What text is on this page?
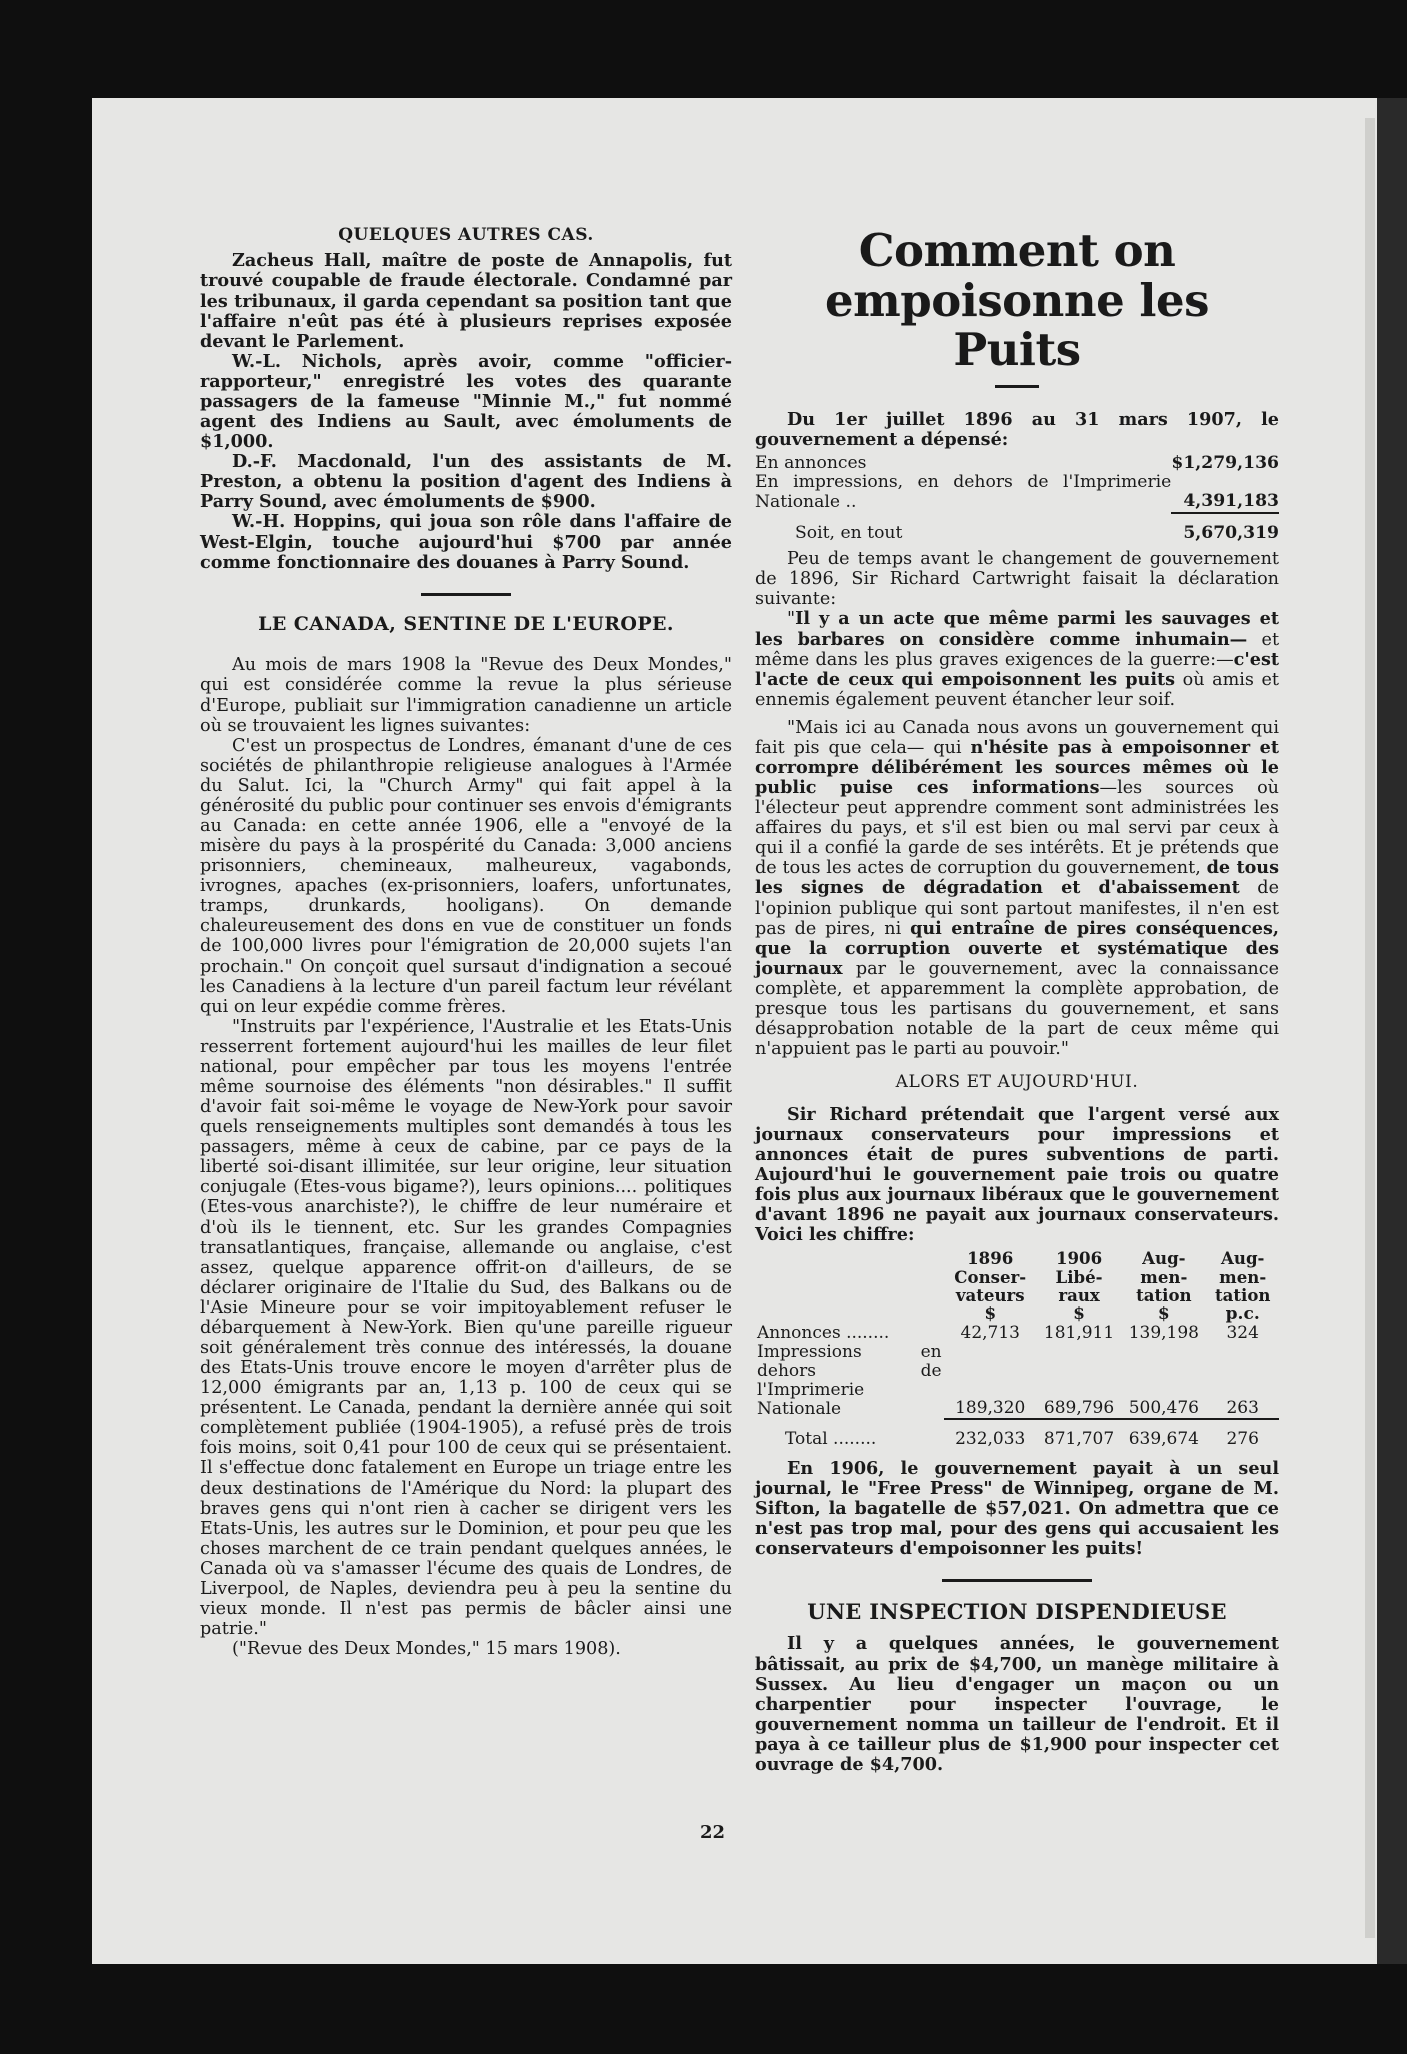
QUELQUES AUTRES CAS.

Zacheus Hall, maître de poste de Annapolis, fut trouvé coupable de fraude électorale. Condamné par les tribunaux, il garda cependant sa position tant que l'affaire n'eût pas été à plusieurs reprises exposée devant le Parlement.

W.-L. Nichols, après avoir, comme "officier-rapporteur," enregistré les votes des quarante passagers de la fameuse "Minnie M.," fut nommé agent des Indiens au Sault, avec émoluments de $1,000.

D.-F. Macdonald, l'un des assistants de M. Preston, a obtenu la position d'agent des Indiens à Parry Sound, avec émoluments de $900.

W.-H. Hoppins, qui joua son rôle dans l'affaire de West-Elgin, touche aujourd'hui $700 par année comme fonctionnaire des douanes à Parry Sound.

LE CANADA, SENTINE DE L'EUROPE.

Au mois de mars 1908 la "Revue des Deux Mondes," qui est considérée comme la revue la plus sérieuse d'Europe, publiait sur l'immigration canadienne un article où se trouvaient les lignes suivantes:

C'est un prospectus de Londres, émanant d'une de ces sociétés de philanthropie religieuse analogues à l'Armée du Salut. Ici, la "Church Army" qui fait appel à la générosité du public pour continuer ses envois d'émigrants au Canada: en cette année 1906, elle a "envoyé de la misère du pays à la prospérité du Canada: 3,000 anciens prisonniers, chemineaux, malheureux, vagabonds, ivrognes, apaches (ex-prisonniers, loafers, unfortunates, tramps, drunkards, hooligans). On demande chaleureusement des dons en vue de constituer un fonds de 100,000 livres pour l'émigration de 20,000 sujets l'an prochain." On conçoit quel sursaut d'indignation a secoué les Canadiens à la lecture d'un pareil factum leur révélant qui on leur expédie comme frères.

"Instruits par l'expérience, l'Australie et les Etats-Unis resserrent fortement aujourd'hui les mailles de leur filet national, pour empêcher par tous les moyens l'entrée même sournoise des éléments "non désirables." Il suffit d'avoir fait soi-même le voyage de New-York pour savoir quels renseignements multiples sont demandés à tous les passagers, même à ceux de cabine, par ce pays de la liberté soi-disant illimitée, sur leur origine, leur situation conjugale (Etes-vous bigame?), leurs opinions.... politiques (Etes-vous anarchiste?), le chiffre de leur numéraire et d'où ils le tiennent, etc. Sur les grandes Compagnies transatlantiques, française, allemande ou anglaise, c'est assez, quelque apparence offrit-on d'ailleurs, de se déclarer originaire de l'Italie du Sud, des Balkans ou de l'Asie Mineure pour se voir impitoyablement refuser le débarquement à New-York. Bien qu'une pareille rigueur soit généralement très connue des intéressés, la douane des Etats-Unis trouve encore le moyen d'arrêter plus de 12,000 émigrants par an, 1,13 p. 100 de ceux qui se présentent. Le Canada, pendant la dernière année qui soit complètement publiée (1904-1905), a refusé près de trois fois moins, soit 0,41 pour 100 de ceux qui se présentaient. Il s'effectue donc fatalement en Europe un triage entre les deux destinations de l'Amérique du Nord: la plupart des braves gens qui n'ont rien à cacher se dirigent vers les Etats-Unis, les autres sur le Dominion, et pour peu que les choses marchent de ce train pendant quelques années, le Canada où va s'amasser l'écume des quais de Londres, de Liverpool, de Naples, deviendra peu à peu la sentine du vieux monde. Il n'est pas permis de bâcler ainsi une patrie."

("Revue des Deux Mondes," 15 mars 1908).

Comment on empoisonne les Puits

Du 1er juillet 1896 au 31 mars 1907, le gouvernement a dépensé:

En annonces	$1,279,136
En impressions, en dehors de l'Imprimerie Nationale ..	4,391,183
Soit, en tout	5,670,319

Peu de temps avant le changement de gouvernement de 1896, Sir Richard Cartwright faisait la déclaration suivante:

"Il y a un acte que même parmi les sauvages et les barbares on considère comme inhumain— et même dans les plus graves exigences de la guerre:—c'est l'acte de ceux qui empoisonnent les puits où amis et ennemis également peuvent étancher leur soif.

"Mais ici au Canada nous avons un gouvernement qui fait pis que cela— qui n'hésite pas à empoisonner et corrompre délibérément les sources mêmes où le public puise ces informations—les sources où l'électeur peut apprendre comment sont administrées les affaires du pays, et s'il est bien ou mal servi par ceux à qui il a confié la garde de ses intérêts. Et je prétends que de tous les actes de corruption du gouvernement, de tous les signes de dégradation et d'abaissement de l'opinion publique qui sont partout manifestes, il n'en est pas de pires, ni qui entraîne de pires conséquences, que la corruption ouverte et systématique des journaux par le gouvernement, avec la connaissance complète, et apparemment la complète approbation, de presque tous les partisans du gouvernement, et sans désapprobation notable de la part de ceux même qui n'appuient pas le parti au pouvoir."

ALORS ET AUJOURD'HUI.

Sir Richard prétendait que l'argent versé aux journaux conservateurs pour impressions et annonces était de pures subventions de parti. Aujourd'hui le gouvernement paie trois ou quatre fois plus aux journaux libéraux que le gouvernement d'avant 1896 ne payait aux journaux conservateurs. Voici les chiffre:

	1896 Conser-vateurs	1906 Libé-raux	Aug-men-tation	Aug-men-tation
	$	$	$	p.c.
Annonces ........	42,713	181,911	139,198	324
Impressions en dehors de l'Imprimerie Nationale	189,320	689,796	500,476	263
Total ........	232,033	871,707	639,674	276

En 1906, le gouvernement payait à un seul journal, le "Free Press" de Winnipeg, organe de M. Sifton, la bagatelle de $57,021. On admettra que ce n'est pas trop mal, pour des gens qui accusaient les conservateurs d'empoisonner les puits!

UNE INSPECTION DISPENDIEUSE

Il y a quelques années, le gouvernement bâtissait, au prix de $4,700, un manège militaire à Sussex. Au lieu d'engager un maçon ou un charpentier pour inspecter l'ouvrage, le gouvernement nomma un tailleur de l'endroit. Et il paya à ce tailleur plus de $1,900 pour inspecter cet ouvrage de $4,700.

22
